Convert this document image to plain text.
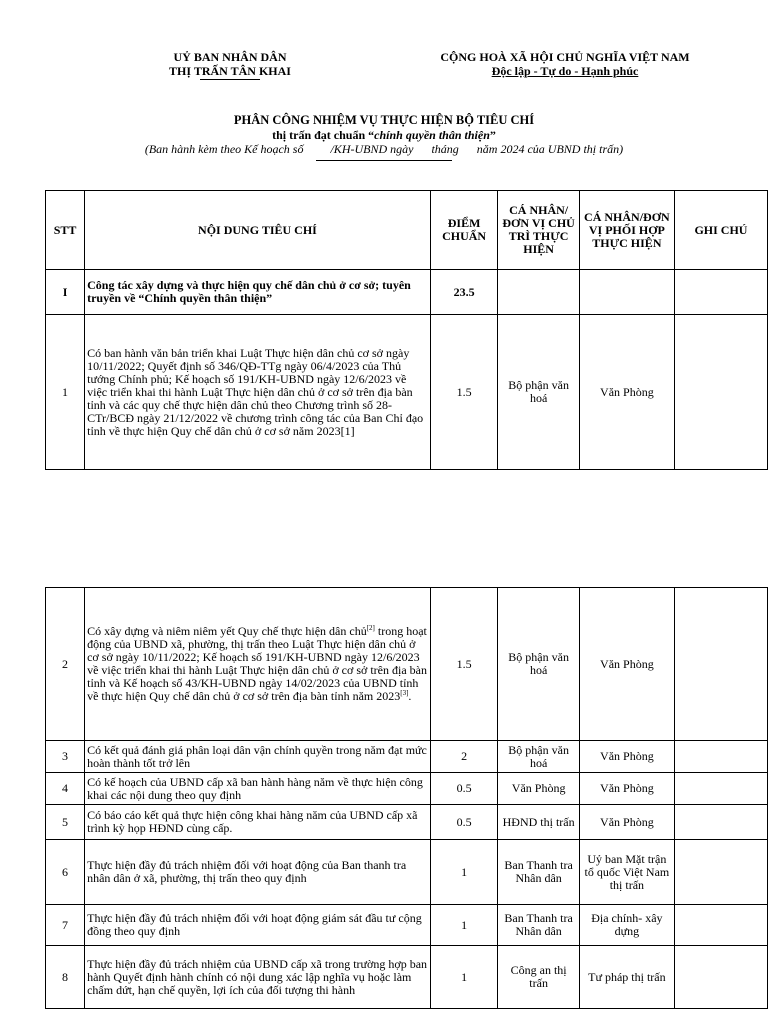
UỶ BAN NHÂN DÂN
THỊ TRẤN TÂN KHAI
CỘNG HOÀ XÃ HỘI CHỦ NGHĨA VIỆT NAM
Độc lập - Tự do - Hạnh phúc
PHÂN CÔNG NHIỆM VỤ THỰC HIỆN BỘ TIÊU CHÍ
thị trấn đạt chuẩn “chính quyền thân thiện”
(Ban hành kèm theo Kế hoạch số         /KH-UBND ngày      tháng      năm 2024 của UBND thị trấn)
STT	NỘI DUNG TIÊU CHÍ	ĐIỂM CHUẨN	CÁ NHÂN/ĐƠN VỊ CHỦ TRÌ THỰC HIỆN	CÁ NHÂN/ĐƠN VỊ PHỐI HỢP THỰC HIỆN	GHI CHÚ
I	Công tác xây dựng và thực hiện quy chế dân chủ ở cơ sở; tuyên truyền về “Chính quyền thân thiện”	23.5			
1	Có ban hành văn bản triển khai Luật Thực hiện dân chủ cơ sở ngày 10/11/2022; Quyết định số 346/QĐ-TTg ngày 06/4/2023 của Thủ tướng Chính phủ; Kế hoạch số 191/KH-UBND ngày 12/6/2023 về việc triển khai thi hành Luật Thực hiện dân chủ ở cơ sở trên địa bàn tỉnh và các quy chế thực hiện dân chủ theo Chương trình số 28-CTr/BCĐ ngày 21/12/2022 về chương trình công tác của Ban Chỉ đạo tỉnh về thực hiện Quy chế dân chủ ở cơ sở năm 2023[1]	1.5	Bộ phận văn hoá	Văn Phòng	
2	Có xây dựng và niêm niêm yết Quy chế thực hiện dân chủ[2] trong hoạt động của UBND xã, phường, thị trấn theo Luật Thực hiện dân chủ ở cơ sở ngày 10/11/2022; Kế hoạch số 191/KH-UBND ngày 12/6/2023 về việc triển khai thi hành Luật Thực hiện dân chủ ở cơ sở trên địa bàn tỉnh và Kế hoạch số 43/KH-UBND ngày 14/02/2023 của UBND tỉnh về thực hiện Quy chế dân chủ ở cơ sở trên địa bàn tỉnh năm 2023[3].	1.5	Bộ phận văn hoá	Văn Phòng	
3	Có kết quả đánh giá phân loại dân vận chính quyền trong năm đạt mức hoàn thành tốt trở lên	2	Bộ phận văn hoá	Văn Phòng	
4	Có kế hoạch của UBND cấp xã ban hành hàng năm về thực hiện công khai các nội dung theo quy định	0.5	Văn Phòng	Văn Phòng	
5	Có báo cáo kết quả thực hiện công khai hàng năm của UBND cấp xã trình kỳ họp HĐND cùng cấp.	0.5	HĐND thị trấn	Văn Phòng	
6	Thực hiện đầy đủ trách nhiệm đối với hoạt động của Ban thanh tra nhân dân ở xã, phường, thị trấn theo quy định	1	Ban Thanh tra Nhân dân	Uỷ ban Mặt trận tổ quốc Việt Nam thị trấn	
7	Thực hiện đầy đủ trách nhiệm đối với hoạt động giám sát đầu tư cộng đồng theo quy định	1	Ban Thanh tra Nhân dân	Địa chính- xây dựng	
8	Thực hiện đầy đủ trách nhiệm của UBND cấp xã trong trường hợp ban hành Quyết định hành chính có nội dung xác lập nghĩa vụ hoặc làm chấm dứt, hạn chế quyền, lợi ích của đối tượng thi hành	1	Công an thị trấn	Tư pháp thị trấn	
